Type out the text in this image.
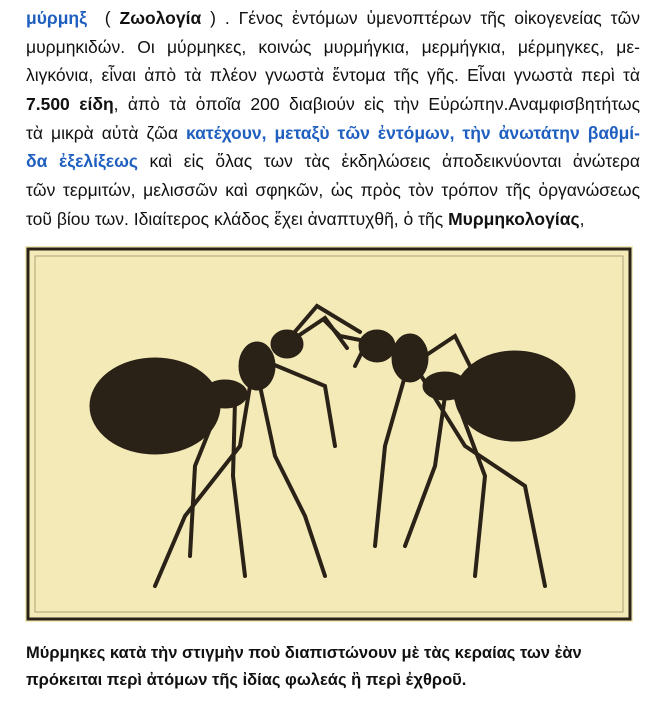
μύρμηξ  ( Ζωολογία ) . Γένος ἐντόμων ὑμενοπτέρων τῆς οἰκογενείας τῶν
μυρμηκιδών. Οι μύρμηκες, κοινώς μυρμήγκια, μερμήγκια, μέρμηγκες, με-
λιγκόνια, εἶναι ἀπὸ τὰ πλέον γνωστὰ ἔντομα τῆς γῆς. Εἶναι γνωστὰ περὶ τὰ
7.500 είδη, ἀπὸ τὰ ὁποῖα 200 διαβιούν εἰς τὴν Εὐρώπην.Αναμφισβητήτως
τὰ μικρὰ αὐτὰ ζῶα κατέχουν, μεταξὺ τῶν ἐντόμων, τὴν ἀνωτάτην βαθμί-
δα ἐξελίξεως καὶ εἰς ὅλας των τὰς ἐκδηλώσεις ἀποδεικνύονται ἀνώτερα
τῶν τερμιτών, μελισσῶν καὶ σφηκῶν, ὡς πρὸς τὸν τρόπον τῆς ὀργανώσεως
τοῦ βίου των. Ιδιαίτερος κλάδος ἔχει ἀναπτυχθῆ, ὁ τῆς Μυρμηκολογίας,
Μύρμηκες κατὰ τὴν στιγμὴν ποὺ διαπιστώνουν μὲ τὰς κεραίας των ἐὰν
πρόκειται περὶ ἀτόμων τῆς ἰδίας φωλεάς ἢ περὶ ἐχθροῦ.
